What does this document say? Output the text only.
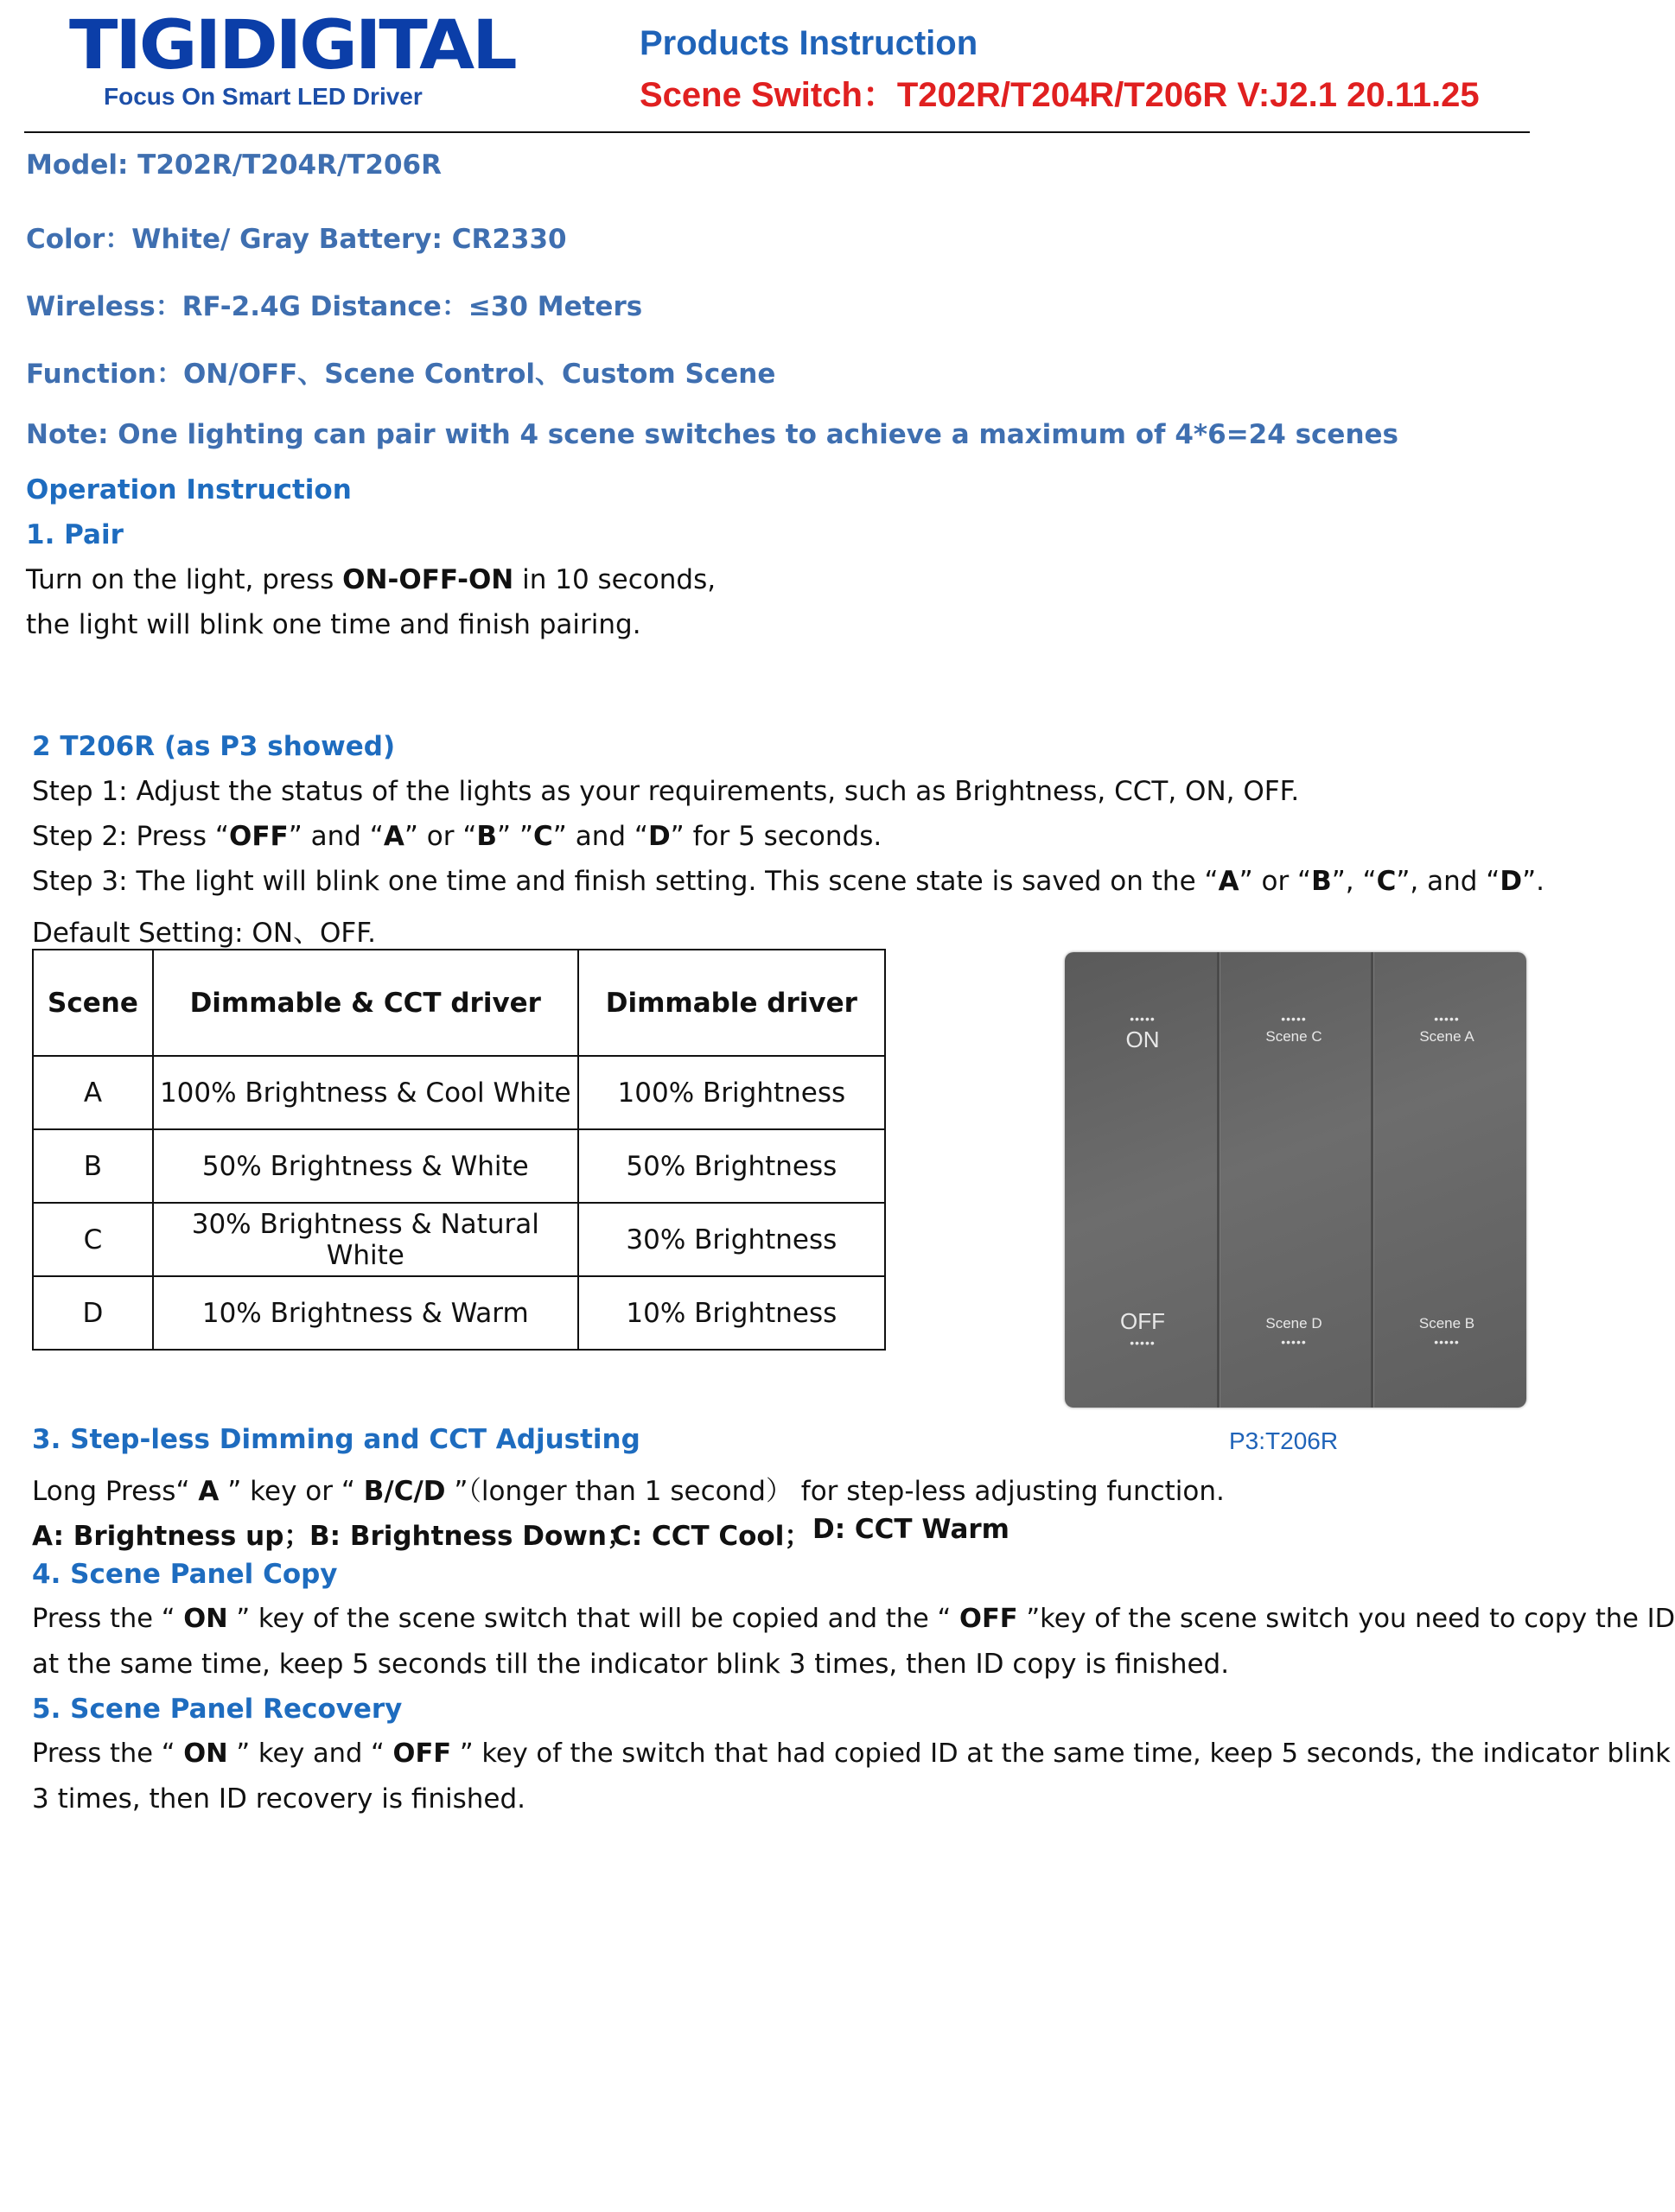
TIGIDIGITAL
Focus On Smart LED Driver
Products Instruction
Scene Switch：T202R/T204R/T206R V:J2.1 20.11.25
Model: T202R/T204R/T206R
Color：White/ Gray Battery: CR2330
Wireless：RF-2.4G Distance：≤30 Meters
Function：ON/OFF、Scene Control、Custom Scene
Note: One lighting can pair with 4 scene switches to achieve a maximum of 4*6=24 scenes
Operation Instruction
1. Pair
Turn on the light, press ON-OFF-ON in 10 seconds,
the light will blink one time and finish pairing.
2 T206R (as P3 showed)
Step 1: Adjust the status of the lights as your requirements, such as Brightness, CCT, ON, OFF.
Step 2: Press “OFF” and “A” or “B” ”C” and “D” for 5 seconds.
Step 3: The light will blink one time and finish setting. This scene state is saved on the “A” or “B”, “C”, and “D”.
Default Setting: ON、OFF.
Scene	Dimmable & CCT driver	Dimmable driver
A	100% Brightness & Cool White	100% Brightness
B	50% Brightness & White	50% Brightness
C	30% Brightness & Natural White	30% Brightness
D	10% Brightness & Warm	10% Brightness
•••••
ON
•••••
Scene C
•••••
Scene A
OFF
•••••
Scene D
•••••
Scene B
•••••
P3:T206R
3. Step-less Dimming and CCT Adjusting
Long Press“ A ” key or “ B/C/D ”（longer than 1 second） for step-less adjusting function.
A: Brightness up；
B: Brightness Down；
C: CCT Cool； D: CCT Warm
4. Scene Panel Copy
Press the “ ON ” key of the scene switch that will be copied and the “ OFF ”key of the scene switch you need to copy the ID
at the same time, keep 5 seconds till the indicator blink 3 times, then ID copy is finished.
5. Scene Panel Recovery
Press the “ ON ” key and “ OFF ” key of the switch that had copied ID at the same time, keep 5 seconds, the indicator blink
3 times, then ID recovery is finished.
